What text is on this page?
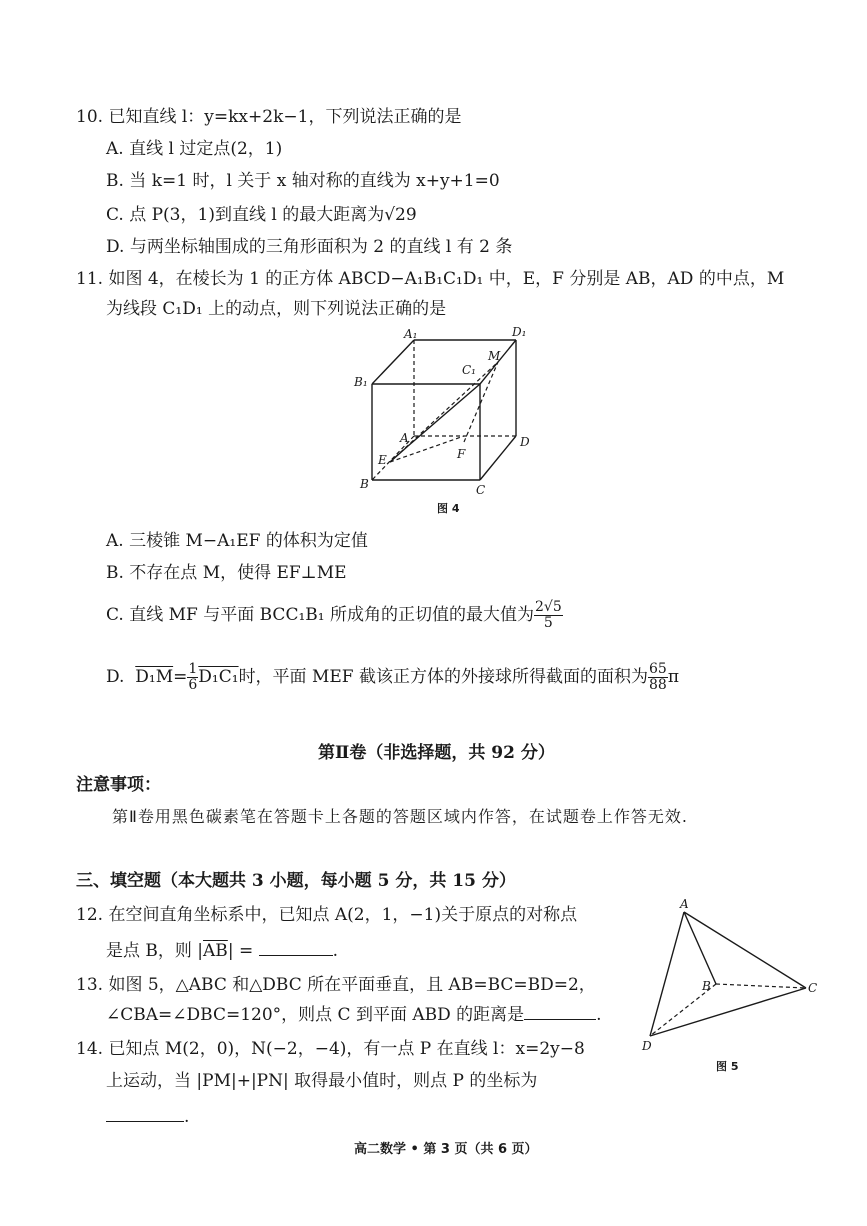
10. 已知直线 l：y=kx+2k−1，下列说法正确的是
A. 直线 l 过定点(2，1)
B. 当 k=1 时，l 关于 x 轴对称的直线为 x+y+1=0
C. 点 P(3，1)到直线 l 的最大距离为√29
D. 与两坐标轴围成的三角形面积为 2 的直线 l 有 2 条
11. 如图 4，在棱长为 1 的正方体 ABCD−A₁B₁C₁D₁ 中，E，F 分别是 AB，AD 的中点，M
为线段 C₁D₁ 上的动点，则下列说法正确的是
A₁	D₁
B₁
C₁
M
A	D
E	F
B	C
图 4
A. 三棱锥 M−A₁EF 的体积为定值
B. 不存在点 M，使得 EF⊥ME
C. 直线 MF 与平面 BCC₁B₁ 所成角的正切值的最大值为 $\frac{2√5}{5}$
D.  $D_1M= \frac{1}{6} D_1C_1$时，平面 MEF 截该正方体的外接球所得截面的面积为 $\frac{65}{88}$ π
第Ⅱ卷（非选择题，共 92 分）
注意事项：
第Ⅱ卷用黑色碳素笔在答题卡上各题的答题区域内作答，在试题卷上作答无效.
三、填空题（本大题共 3 小题，每小题 5 分，共 15 分）
12. 在空间直角坐标系中，已知点 A(2，1，−1)关于原点的对称点
是点 B，则 $|\overline{AB}|$ =	.
13. 如图 5，△ABC 和△DBC 所在平面垂直，且 AB=BC=BD=2，
∠CBA=∠DBC=120°，则点 C 到平面 ABD 的距离是	.
14. 已知点 M(2，0)，N(−2，−4)，有一点 P 在直线 l：x=2y−8
上运动，当 |PM|+|PN| 取得最小值时，则点 P 的坐标为
.
A
B	C
D
图 5
高二数学 • 第 3 页（共 6 页）
